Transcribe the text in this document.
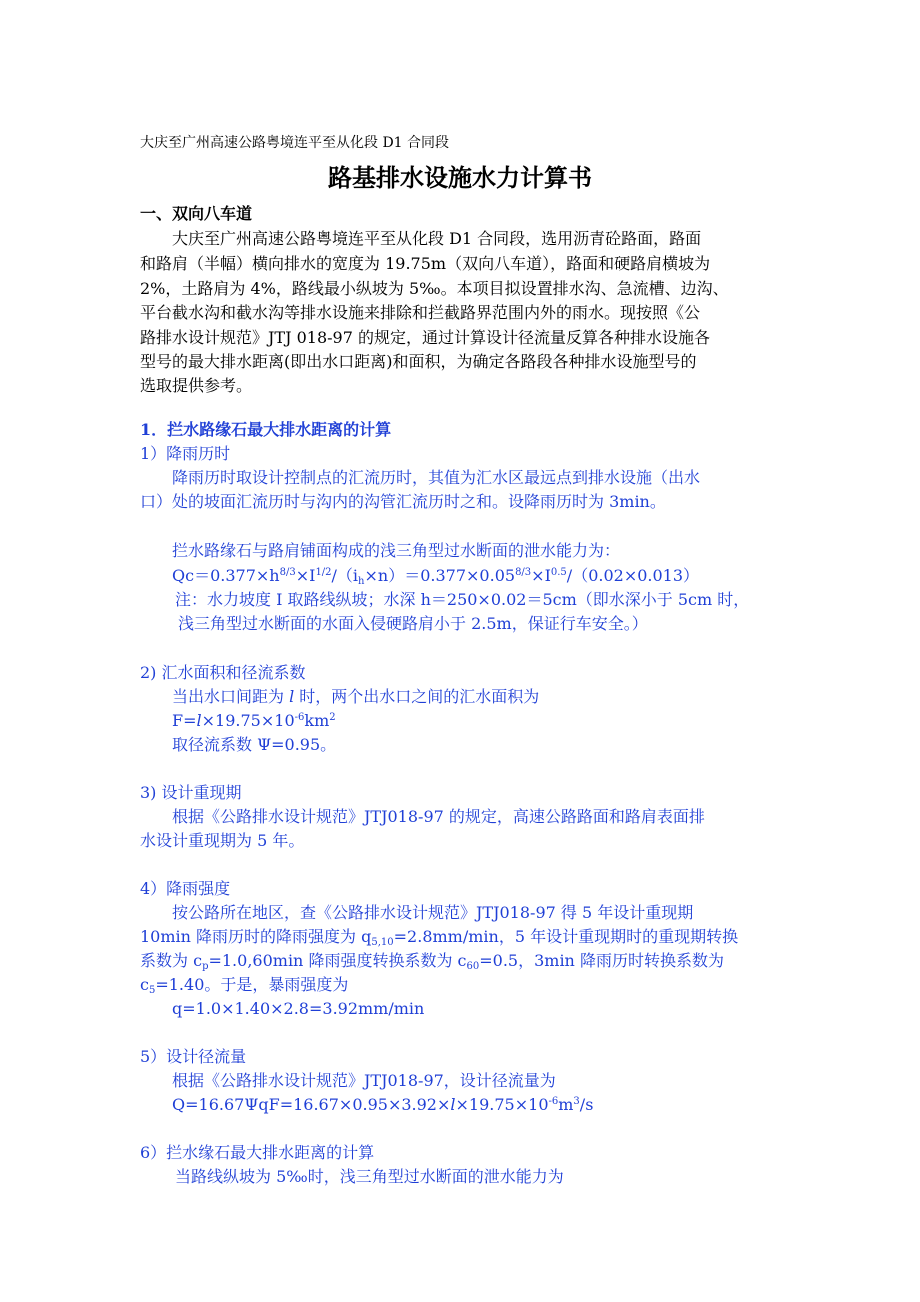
大庆至广州高速公路粤境连平至从化段 D1 合同段
路基排水设施水力计算书
一、双向八车道
大庆至广州高速公路粤境连平至从化段 D1 合同段，选用沥青砼路面，路面
和路肩（半幅）横向排水的宽度为 19.75m（双向八车道），路面和硬路肩横坡为
2%，土路肩为 4%，路线最小纵坡为 5‰。本项目拟设置排水沟、急流槽、边沟、
平台截水沟和截水沟等排水设施来排除和拦截路界范围内外的雨水。现按照《公
路排水设计规范》JTJ 018-97 的规定，通过计算设计径流量反算各种排水设施各
型号的最大排水距离(即出水口距离)和面积，为确定各路段各种排水设施型号的
选取提供参考。
1．拦水路缘石最大排水距离的计算
1）降雨历时
降雨历时取设计控制点的汇流历时，其值为汇水区最远点到排水设施（出水
口）处的坡面汇流历时与沟内的沟管汇流历时之和。设降雨历时为 3min。
拦水路缘石与路肩铺面构成的浅三角型过水断面的泄水能力为：
$Qc=0.377\times h^{8/3}\times I^{1/2}/(i_h\times n)=0.377\times 0.05^{8/3}\times I^{0.5}/(0.02\times 0.013)$
注：水力坡度 I 取路线纵坡；水深 h＝250×0.02＝5cm（即水深小于 5cm 时，
浅三角型过水断面的水面入侵硬路肩小于 2.5m，保证行车安全。）
2) 汇水面积和径流系数
当出水口间距为 l 时，两个出水口之间的汇水面积为
$F=l\times 19.75\times 10^{-6}km^2$
取径流系数 Ψ=0.95。
3) 设计重现期
根据《公路排水设计规范》JTJ018-97 的规定，高速公路路面和路肩表面排
水设计重现期为 5 年。
4）降雨强度
按公路所在地区，查《公路排水设计规范》JTJ018-97 得 5 年设计重现期
10min 降雨历时的降雨强度为 $q_{5,10}=2.8mm/\min$，5 年设计重现期时的重现期转换
系数为 $c_p=1.0,60\min$ 降雨强度转换系数为 $c_{60}=0.5$，3min 降雨历时转换系数为
$c_5=1.40$。于是，暴雨强度为
q=1.0×1.40×2.8=3.92mm/min
5）设计径流量
根据《公路排水设计规范》JTJ018-97，设计径流量为
$Q=16.67\Psi qF=16.67\times 0.95\times 3.92\times l\times 19.75\times 10^{-6}m^3/s$
6）拦水缘石最大排水距离的计算
当路线纵坡为 5‰时，浅三角型过水断面的泄水能力为
